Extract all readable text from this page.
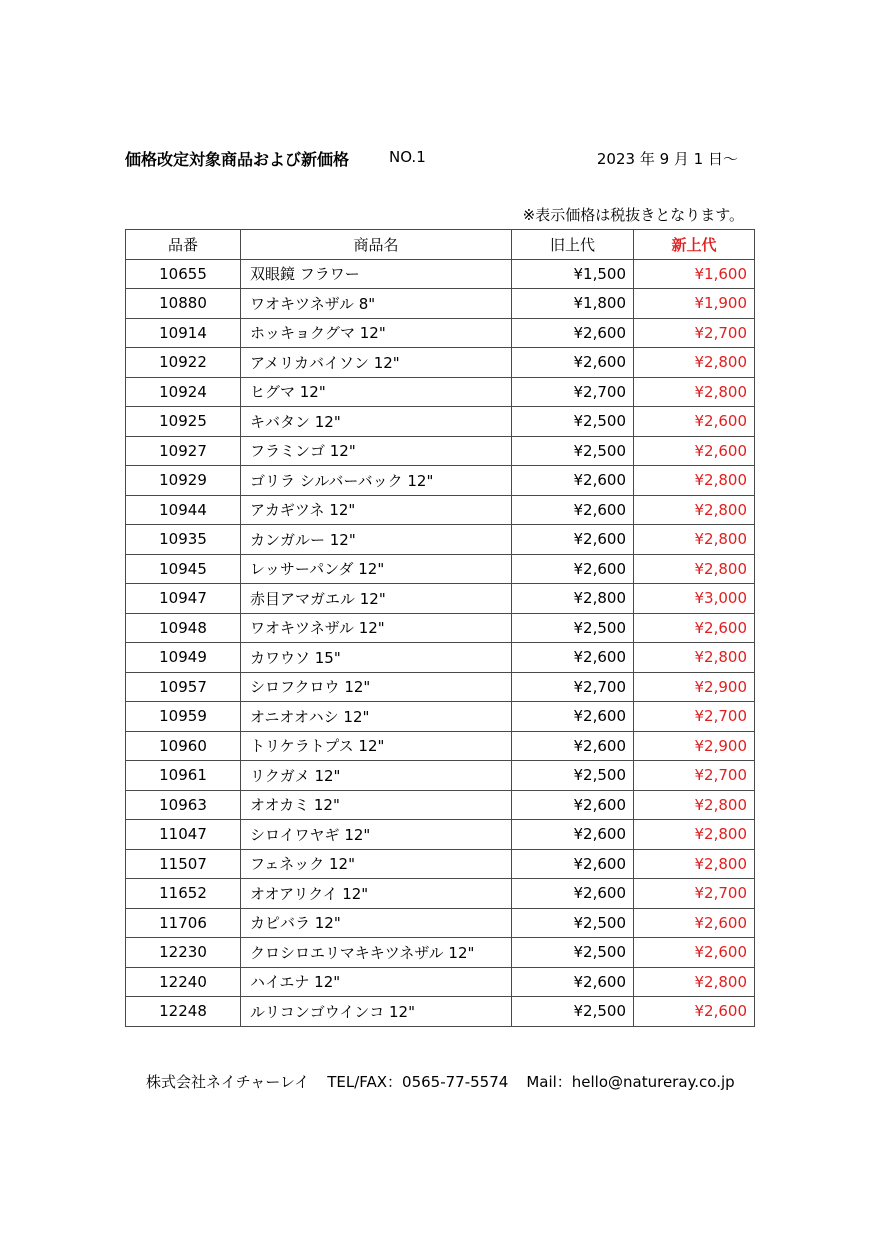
価格改定対象商品および新価格	NO.1	2023 年 9 月 1 日～
※表示価格は税抜きとなります。
品番	商品名	旧上代	新上代
10655	双眼鏡 フラワー	¥1,500	¥1,600
10880	ワオキツネザル 8"	¥1,800	¥1,900
10914	ホッキョクグマ 12"	¥2,600	¥2,700
10922	アメリカバイソン 12"	¥2,600	¥2,800
10924	ヒグマ 12"	¥2,700	¥2,800
10925	キバタン 12"	¥2,500	¥2,600
10927	フラミンゴ 12"	¥2,500	¥2,600
10929	ゴリラ シルバーバック 12"	¥2,600	¥2,800
10944	アカギツネ 12"	¥2,600	¥2,800
10935	カンガルー 12"	¥2,600	¥2,800
10945	レッサーパンダ 12"	¥2,600	¥2,800
10947	赤目アマガエル 12"	¥2,800	¥3,000
10948	ワオキツネザル 12"	¥2,500	¥2,600
10949	カワウソ 15"	¥2,600	¥2,800
10957	シロフクロウ 12"	¥2,700	¥2,900
10959	オニオオハシ 12"	¥2,600	¥2,700
10960	トリケラトプス 12"	¥2,600	¥2,900
10961	リクガメ 12"	¥2,500	¥2,700
10963	オオカミ 12"	¥2,600	¥2,800
11047	シロイワヤギ 12"	¥2,600	¥2,800
11507	フェネック 12"	¥2,600	¥2,800
11652	オオアリクイ 12"	¥2,600	¥2,700
11706	カピバラ 12"	¥2,500	¥2,600
12230	クロシロエリマキキツネザル 12"	¥2,500	¥2,600
12240	ハイエナ 12"	¥2,600	¥2,800
12248	ルリコンゴウインコ 12"	¥2,500	¥2,600
株式会社ネイチャーレイ TEL/FAX：0565-77-5574 Mail：hello@natureray.co.jp
